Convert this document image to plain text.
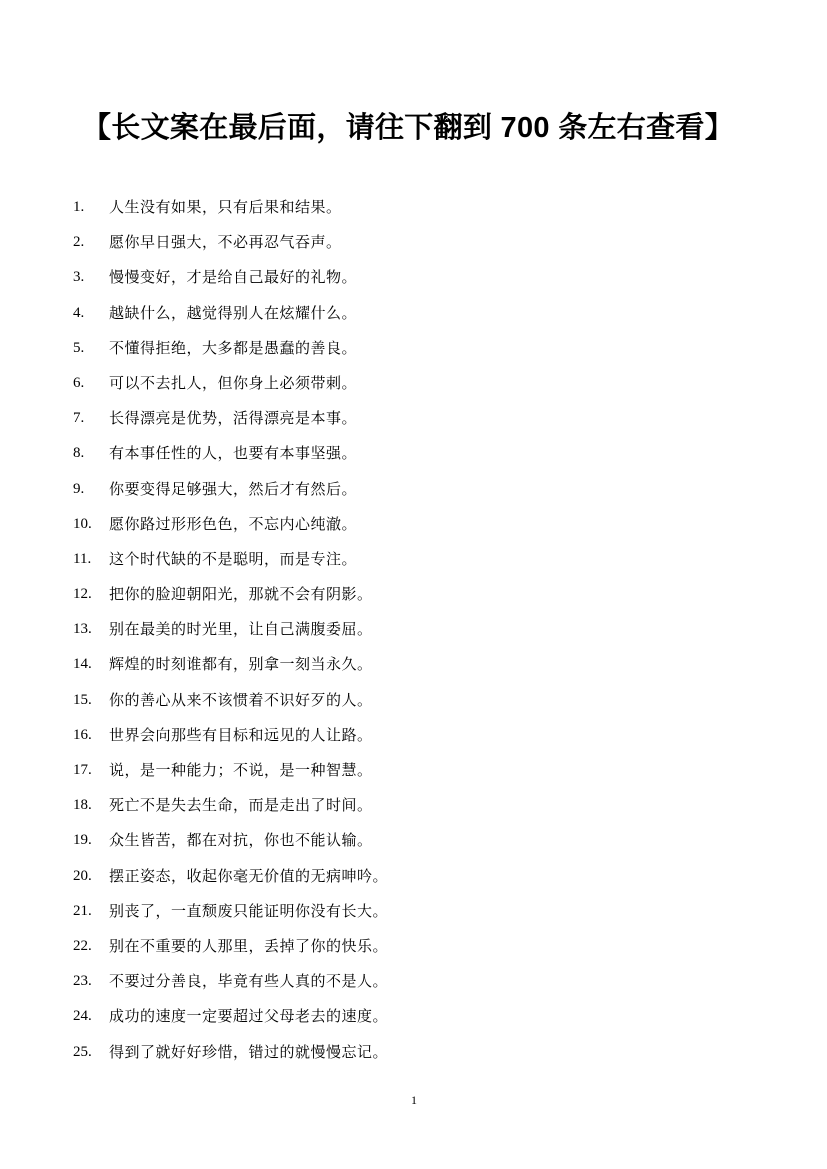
【长文案在最后面，请往下翻到 700 条左右查看】
1. 人生没有如果，只有后果和结果。
2. 愿你早日强大，不必再忍气吞声。
3. 慢慢变好，才是给自己最好的礼物。
4. 越缺什么，越觉得别人在炫耀什么。
5. 不懂得拒绝，大多都是愚蠢的善良。
6. 可以不去扎人，但你身上必须带刺。
7. 长得漂亮是优势，活得漂亮是本事。
8. 有本事任性的人，也要有本事坚强。
9. 你要变得足够强大，然后才有然后。
10. 愿你路过形形色色，不忘内心纯澈。
11. 这个时代缺的不是聪明，而是专注。
12. 把你的脸迎朝阳光，那就不会有阴影。
13. 别在最美的时光里，让自己满腹委屈。
14. 辉煌的时刻谁都有，别拿一刻当永久。
15. 你的善心从来不该惯着不识好歹的人。
16. 世界会向那些有目标和远见的人让路。
17. 说，是一种能力；不说，是一种智慧。
18. 死亡不是失去生命，而是走出了时间。
19. 众生皆苦，都在对抗，你也不能认输。
20. 摆正姿态，收起你毫无价值的无病呻吟。
21. 别丧了，一直颓废只能证明你没有长大。
22. 别在不重要的人那里，丢掉了你的快乐。
23. 不要过分善良，毕竟有些人真的不是人。
24. 成功的速度一定要超过父母老去的速度。
25. 得到了就好好珍惜，错过的就慢慢忘记。
1
